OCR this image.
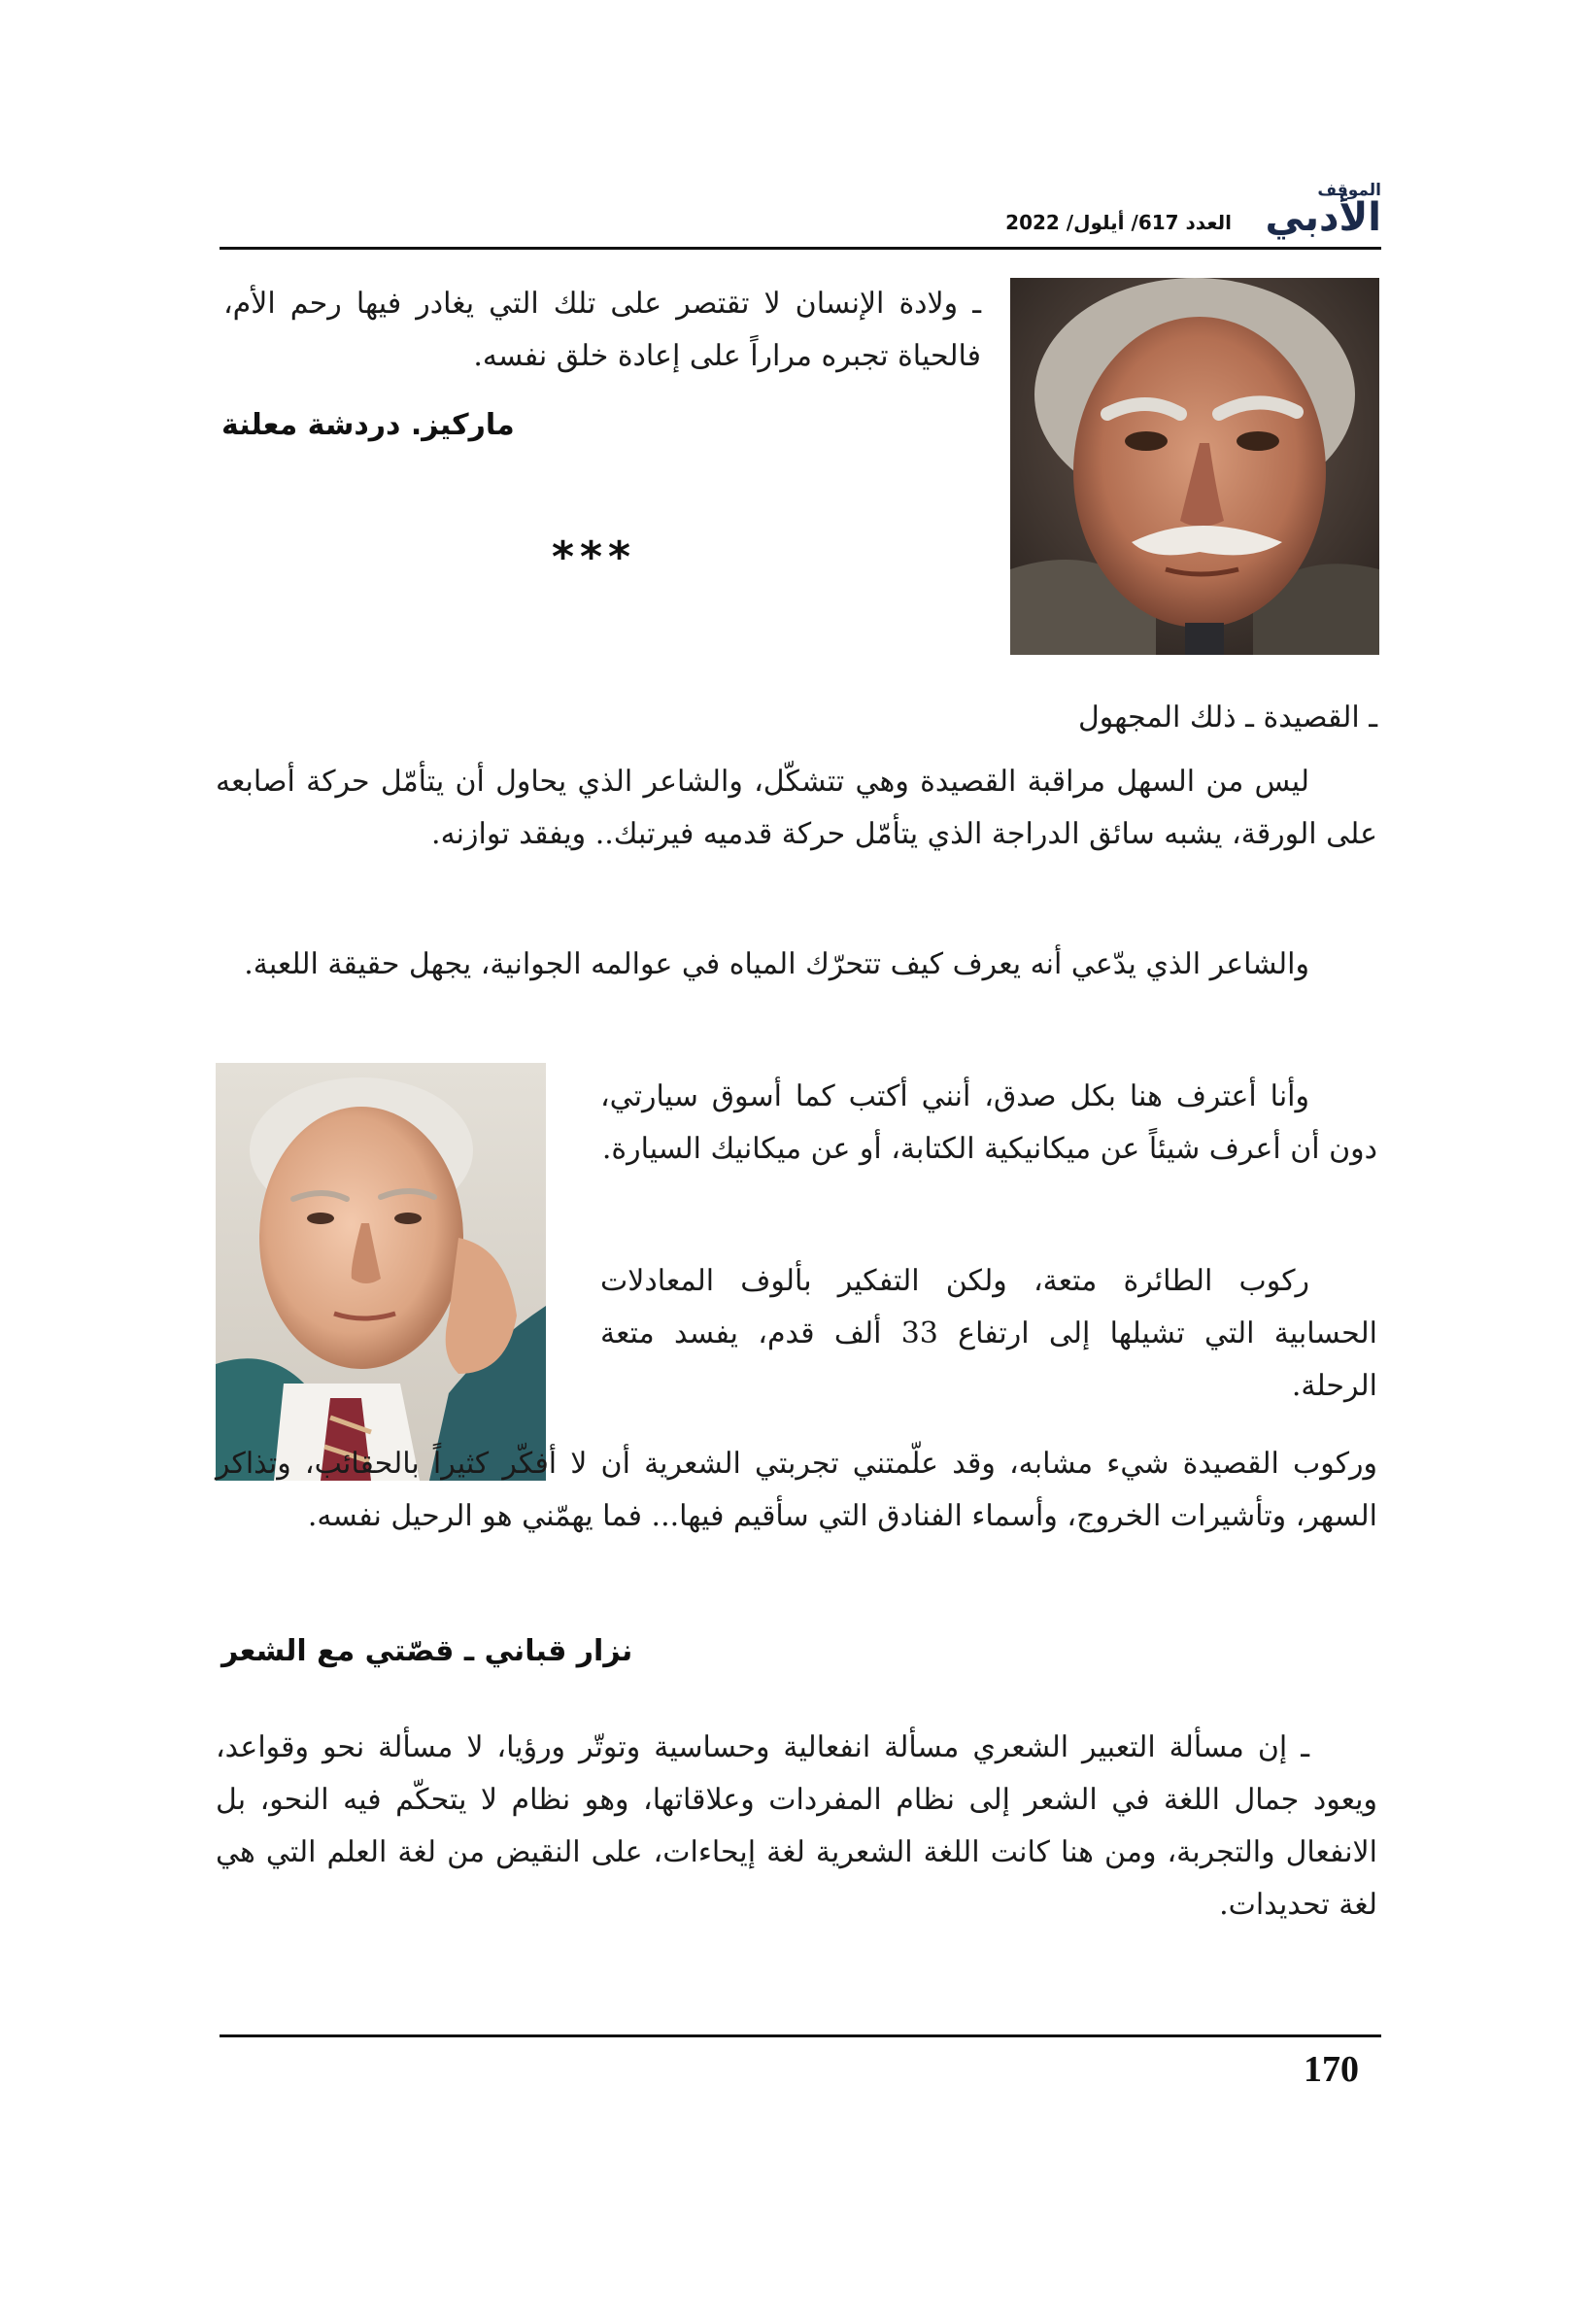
الموقف
الأدبي
العدد 617/ أيلول/ 2022
ـ ولادة الإنسان لا تقتصر على تلك التي يغادر فيها رحم الأم، فالحياة تجبره مراراً على إعادة خلق نفسه.
ماركيز. دردشة معلنة
***
ـ القصيدة ـ ذلك المجهول
ليس من السهل مراقبة القصيدة وهي تتشكّل، والشاعر الذي يحاول أن يتأمّل حركة أصابعه على الورقة، يشبه سائق الدراجة الذي يتأمّل حركة قدميه فيرتبك.. ويفقد توازنه.
والشاعر الذي يدّعي أنه يعرف كيف تتحرّك المياه في عوالمه الجوانية، يجهل حقيقة اللعبة.
وأنا أعترف هنا بكل صدق، أنني أكتب كما أسوق سيارتي، دون أن أعرف شيئاً عن ميكانيكية الكتابة، أو عن ميكانيك السيارة.
ركوب الطائرة متعة، ولكن التفكير بألوف المعادلات الحسابية التي تشيلها إلى ارتفاع 33 ألف قدم، يفسد متعة الرحلة.
وركوب القصيدة شيء مشابه، وقد علّمتني تجربتي الشعرية أن لا أفكّر كثيراً بالحقائب، وتذاكر السهر، وتأشيرات الخروج، وأسماء الفنادق التي سأقيم فيها... فما يهمّني هو الرحيل نفسه.
نزار قباني ـ قصّتي مع الشعر
ـ إن مسألة التعبير الشعري مسألة انفعالية وحساسية وتوتّر ورؤيا، لا مسألة نحو وقواعد، ويعود جمال اللغة في الشعر إلى نظام المفردات وعلاقاتها، وهو نظام لا يتحكّم فيه النحو، بل الانفعال والتجربة، ومن هنا كانت اللغة الشعرية لغة إيحاءات، على النقيض من لغة العلم التي هي لغة تحديدات.
170
